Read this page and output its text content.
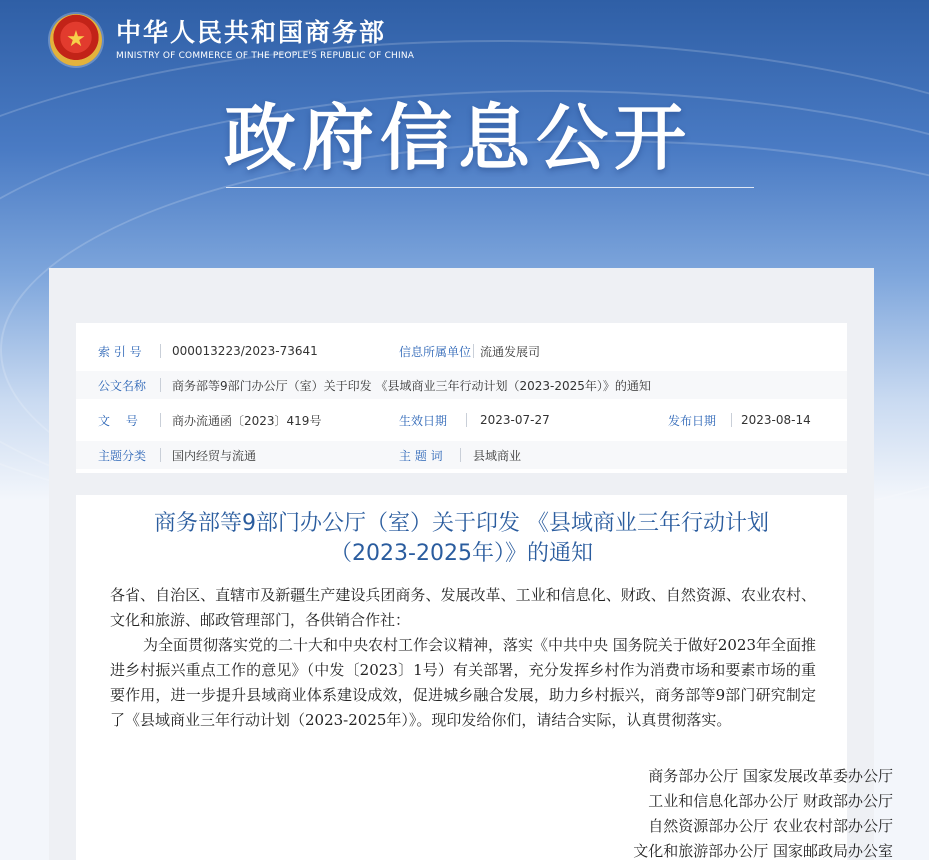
★	中华人民共和国商务部
MINISTRY OF COMMERCE OF THE PEOPLE'S REPUBLIC OF CHINA
政府信息公开
索 引 号	000013223/2023-73641	信息所属单位 流通发展司
公文名称 商务部等9部门办公厅（室）关于印发 《县域商业三年行动计划（2023-2025年）》的通知
文　 号	商办流通函〔2023〕419号	生效日期	2023-07-27	发布日期 2023-08-14
主题分类 国内经贸与流通	主 题 词	县域商业
商务部等9部门办公厅（室）关于印发 《县域商业三年行动计划
（2023-2025年）》的通知

各省、自治区、直辖市及新疆生产建设兵团商务、发展改革、工业和信息化、财政、自然资源、农业农村、文化和旅游、邮政管理部门，各供销合作社：

为全面贯彻落实党的二十大和中央农村工作会议精神，落实《中共中央 国务院关于做好2023年全面推进乡村振兴重点工作的意见》（中发〔2023〕1号）有关部署，充分发挥乡村作为消费市场和要素市场的重要作用，进一步提升县域商业体系建设成效，促进城乡融合发展，助力乡村振兴，商务部等9部门研究制定了《县域商业三年行动计划（2023-2025年）》。现印发给你们，请结合实际，认真贯彻落实。

商务部办公厅 国家发展改革委办公厅
工业和信息化部办公厅 财政部办公厅
自然资源部办公厅 农业农村部办公厅
文化和旅游部办公厅 国家邮政局办公室
